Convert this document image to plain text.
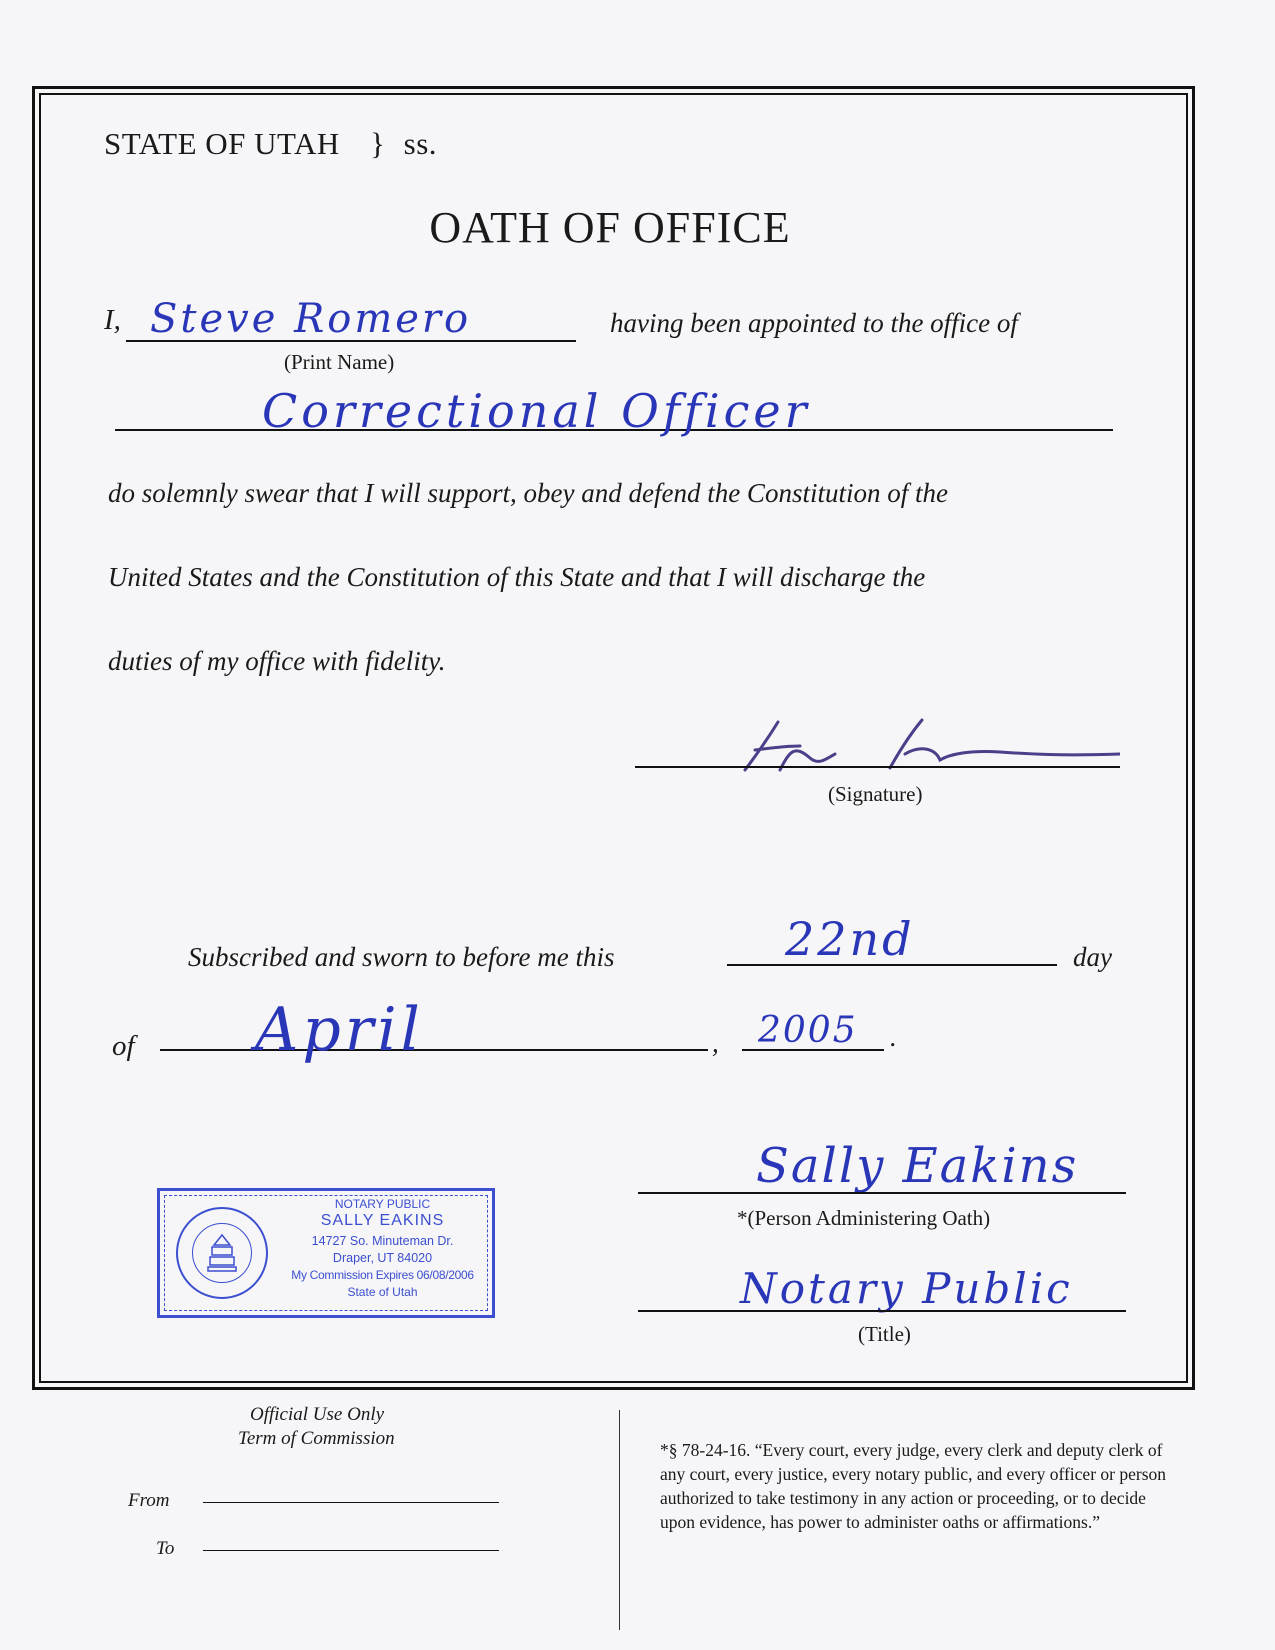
STATE OF UTAH } ss.
OATH OF OFFICE
I, Steve Romero
(Print Name)
having been appointed to the office of
Correctional Officer
do solemnly swear that I will support, obey and defend the Constitution of the
United States and the Constitution of this State and that I will discharge the
duties of my office with fidelity.
(Signature)
Subscribed and sworn to before me this	22nd	day
of April	, 2005 .
Sally Eakins
*(Person Administering Oath)
Notary Public
(Title)
NOTARY PUBLIC
SALLY EAKINS
14727 So. Minuteman Dr.
Draper, UT 84020
My Commission Expires 06/08/2006
State of Utah
Official Use Only
Term of Commission
From
To
*§ 78-24-16. “Every court, every judge, every clerk and deputy clerk of any court, every justice, every notary public, and every officer or person authorized to take testimony in any action or proceeding, or to decide upon evidence, has power to administer oaths or affirmations.”
